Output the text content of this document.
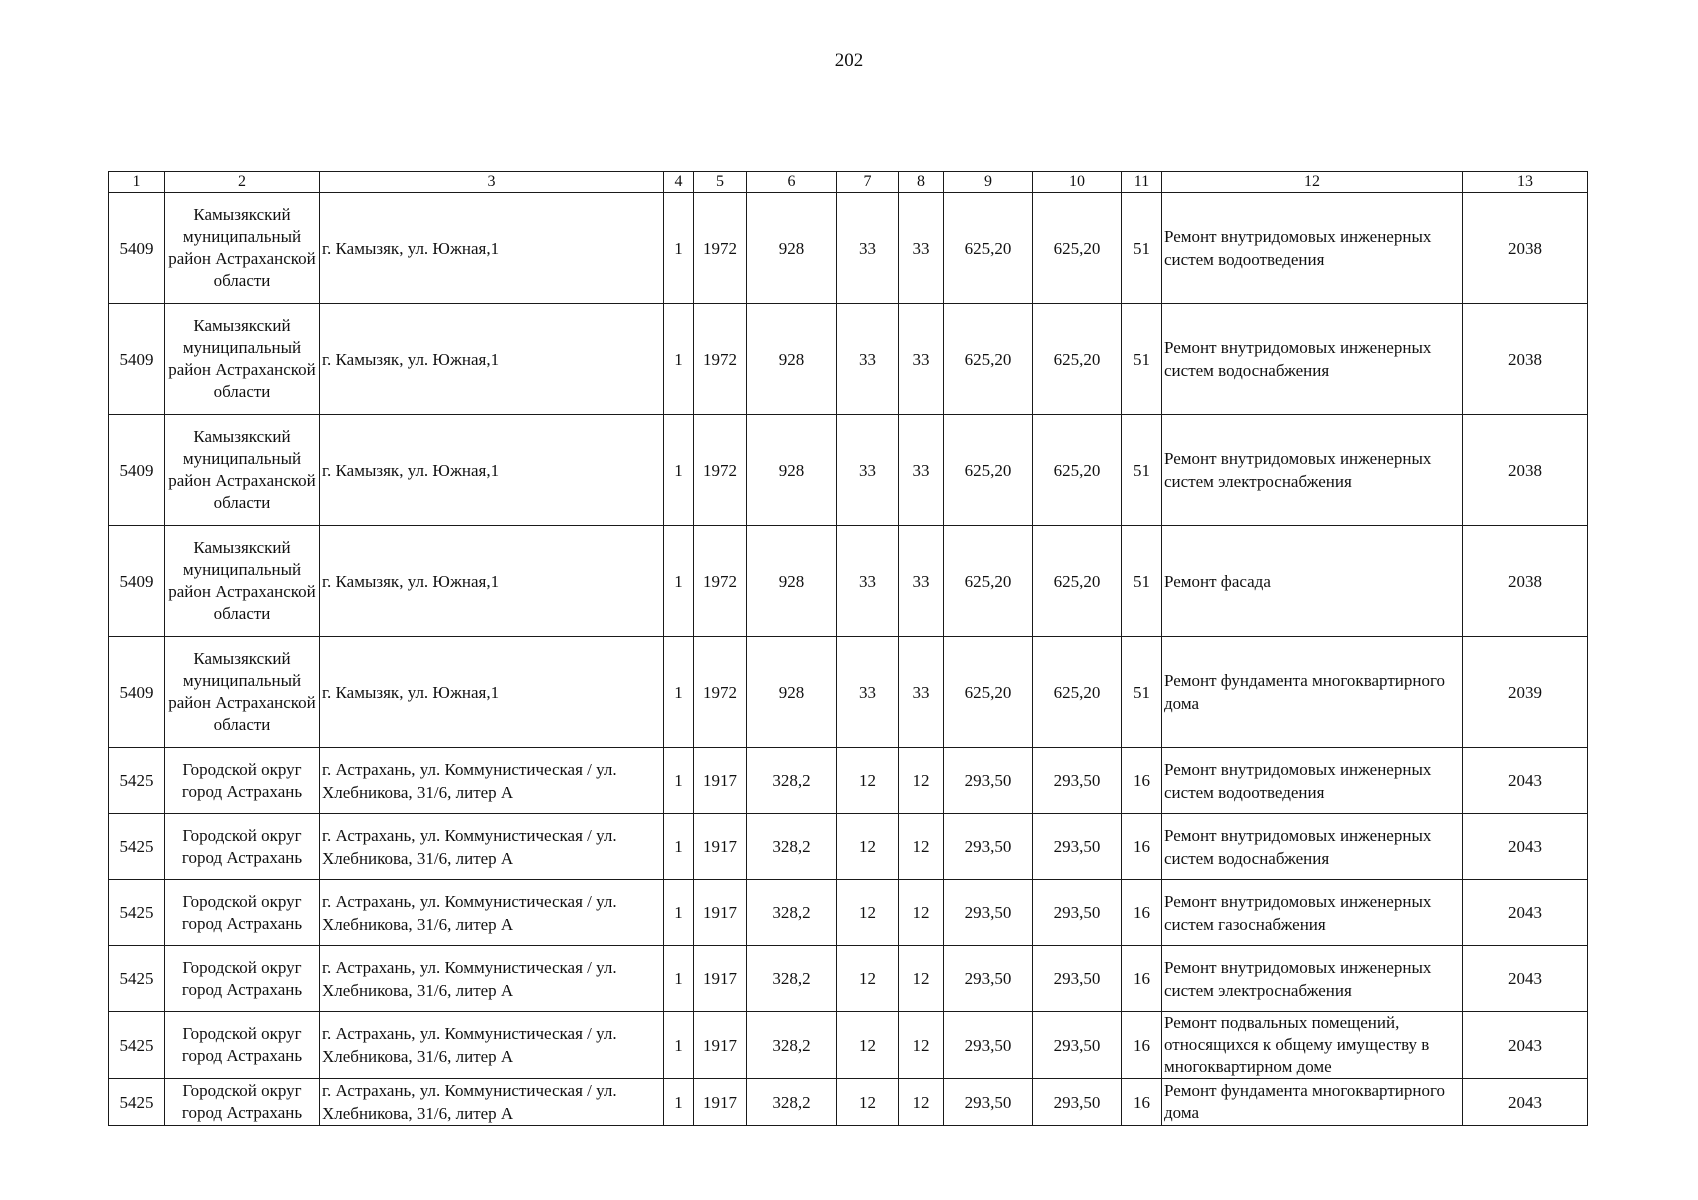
202
1	2	3	4	5	6	7	8	9	10	11	12	13
5409	Камызякский муниципальный район Астраханской области	г. Камызяк, ул. Южная,1	1	1972	928	33	33	625,20	625,20	51	Ремонт внутридомовых инженерных систем водоотведения	2038
5409	Камызякский муниципальный район Астраханской области	г. Камызяк, ул. Южная,1	1	1972	928	33	33	625,20	625,20	51	Ремонт внутридомовых инженерных систем водоснабжения	2038
5409	Камызякский муниципальный район Астраханской области	г. Камызяк, ул. Южная,1	1	1972	928	33	33	625,20	625,20	51	Ремонт внутридомовых инженерных систем электроснабжения	2038
5409	Камызякский муниципальный район Астраханской области	г. Камызяк, ул. Южная,1	1	1972	928	33	33	625,20	625,20	51	Ремонт фасада	2038
5409	Камызякский муниципальный район Астраханской области	г. Камызяк, ул. Южная,1	1	1972	928	33	33	625,20	625,20	51	Ремонт фундамента многоквартирного дома	2039
5425	Городской округ город Астрахань	г. Астрахань, ул. Коммунистическая / ул. Хлебникова, 31/6, литер А	1	1917	328,2	12	12	293,50	293,50	16	Ремонт внутридомовых инженерных систем водоотведения	2043
5425	Городской округ город Астрахань	г. Астрахань, ул. Коммунистическая / ул. Хлебникова, 31/6, литер А	1	1917	328,2	12	12	293,50	293,50	16	Ремонт внутридомовых инженерных систем водоснабжения	2043
5425	Городской округ город Астрахань	г. Астрахань, ул. Коммунистическая / ул. Хлебникова, 31/6, литер А	1	1917	328,2	12	12	293,50	293,50	16	Ремонт внутридомовых инженерных систем газоснабжения	2043
5425	Городской округ город Астрахань	г. Астрахань, ул. Коммунистическая / ул. Хлебникова, 31/6, литер А	1	1917	328,2	12	12	293,50	293,50	16	Ремонт внутридомовых инженерных систем электроснабжения	2043
5425	Городской округ город Астрахань	г. Астрахань, ул. Коммунистическая / ул. Хлебникова, 31/6, литер А	1	1917	328,2	12	12	293,50	293,50	16	Ремонт подвальных помещений, относящихся к общему имуществу в многоквартирном доме	2043
5425	Городской округ город Астрахань	г. Астрахань, ул. Коммунистическая / ул. Хлебникова, 31/6, литер А	1	1917	328,2	12	12	293,50	293,50	16	Ремонт фундамента многоквартирного дома	2043
